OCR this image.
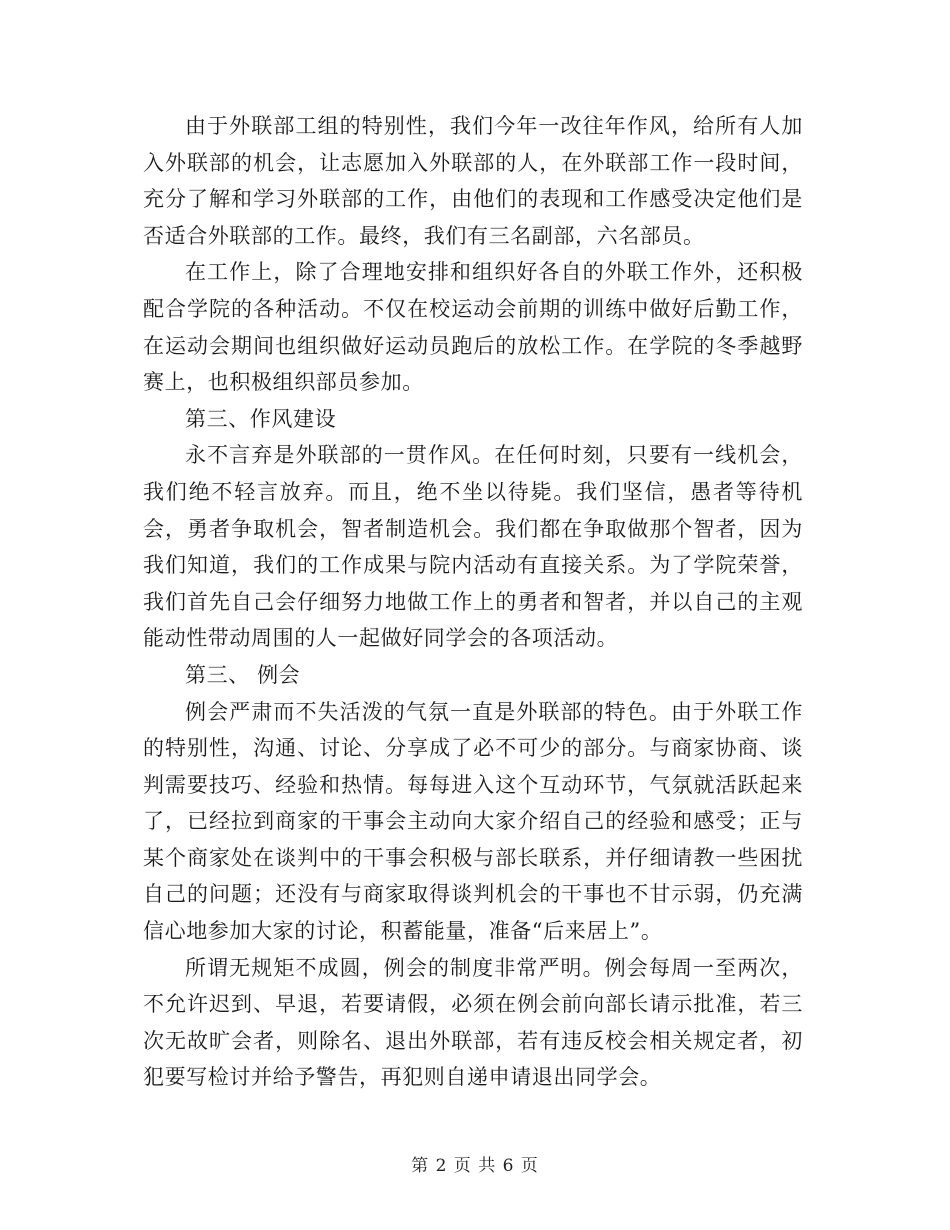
由于外联部工组的特别性，我们今年一改往年作风，给所有人加入外联部的机会，让志愿加入外联部的人，在外联部工作一段时间，充分了解和学习外联部的工作，由他们的表现和工作感受决定他们是否适合外联部的工作。最终，我们有三名副部，六名部员。

在工作上，除了合理地安排和组织好各自的外联工作外，还积极配合学院的各种活动。不仅在校运动会前期的训练中做好后勤工作，在运动会期间也组织做好运动员跑后的放松工作。在学院的冬季越野赛上，也积极组织部员参加。

第三、作风建设

永不言弃是外联部的一贯作风。在任何时刻，只要有一线机会，我们绝不轻言放弃。而且，绝不坐以待毙。我们坚信，愚者等待机会，勇者争取机会，智者制造机会。我们都在争取做那个智者，因为我们知道，我们的工作成果与院内活动有直接关系。为了学院荣誉，我们首先自己会仔细努力地做工作上的勇者和智者，并以自己的主观能动性带动周围的人一起做好同学会的各项活动。

第三、 例会

例会严肃而不失活泼的气氛一直是外联部的特色。由于外联工作的特别性，沟通、讨论、分享成了必不可少的部分。与商家协商、谈判需要技巧、经验和热情。每每进入这个互动环节，气氛就活跃起来了，已经拉到商家的干事会主动向大家介绍自己的经验和感受；正与某个商家处在谈判中的干事会积极与部长联系，并仔细请教一些困扰自己的问题；还没有与商家取得谈判机会的干事也不甘示弱，仍充满信心地参加大家的讨论，积蓄能量，准备“后来居上”。

所谓无规矩不成圆，例会的制度非常严明。例会每周一至两次，不允许迟到、早退，若要请假，必须在例会前向部长请示批准，若三次无故旷会者，则除名、退出外联部，若有违反校会相关规定者，初犯要写检讨并给予警告，再犯则自递申请退出同学会。

第 2 页 共 6 页
